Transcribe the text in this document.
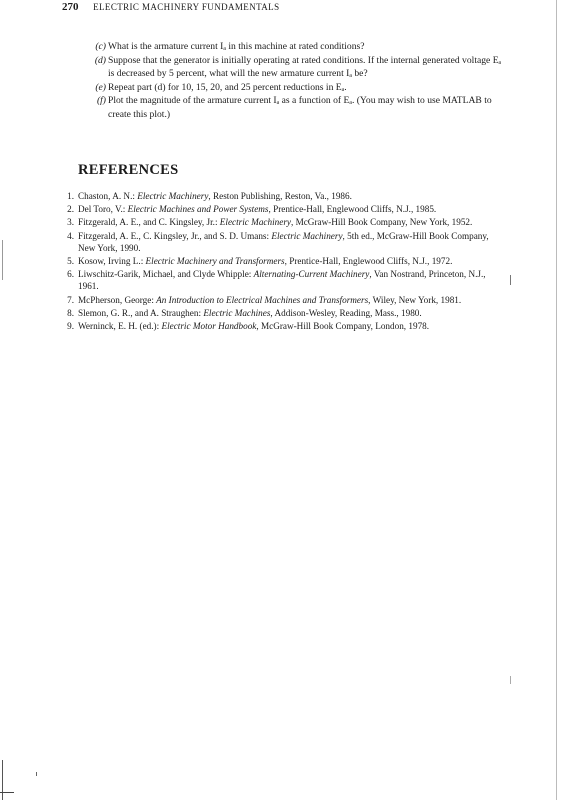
270 ELECTRIC MACHINERY FUNDAMENTALS

(c) What is the armature current Iₐ in this machine at rated conditions?

(d) Suppose that the generator is initially operating at rated conditions. If the internal generated voltage Eₐ is decreased by 5 percent, what will the new armature current Iₐ be?

(e) Repeat part (d) for 10, 15, 20, and 25 percent reductions in Eₐ.

(f) Plot the magnitude of the armature current Iₐ as a function of Eₐ. (You may wish to use MATLAB to create this plot.)

REFERENCES

1. Chaston, A. N.: Electric Machinery, Reston Publishing, Reston, Va., 1986.

2. Del Toro, V.: Electric Machines and Power Systems, Prentice-Hall, Englewood Cliffs, N.J., 1985.

3. Fitzgerald, A. E., and C. Kingsley, Jr.: Electric Machinery, McGraw-Hill Book Company, New York, 1952.

4. Fitzgerald, A. E., C. Kingsley, Jr., and S. D. Umans: Electric Machinery, 5th ed., McGraw-Hill Book Company, New York, 1990.

5. Kosow, Irving L.: Electric Machinery and Transformers, Prentice-Hall, Englewood Cliffs, N.J., 1972.

6. Liwschitz-Garik, Michael, and Clyde Whipple: Alternating-Current Machinery, Van Nostrand, Princeton, N.J., 1961.

7. McPherson, George: An Introduction to Electrical Machines and Transformers, Wiley, New York, 1981.

8. Slemon, G. R., and A. Straughen: Electric Machines, Addison-Wesley, Reading, Mass., 1980.

9. Werninck, E. H. (ed.): Electric Motor Handbook, McGraw-Hill Book Company, London, 1978.
